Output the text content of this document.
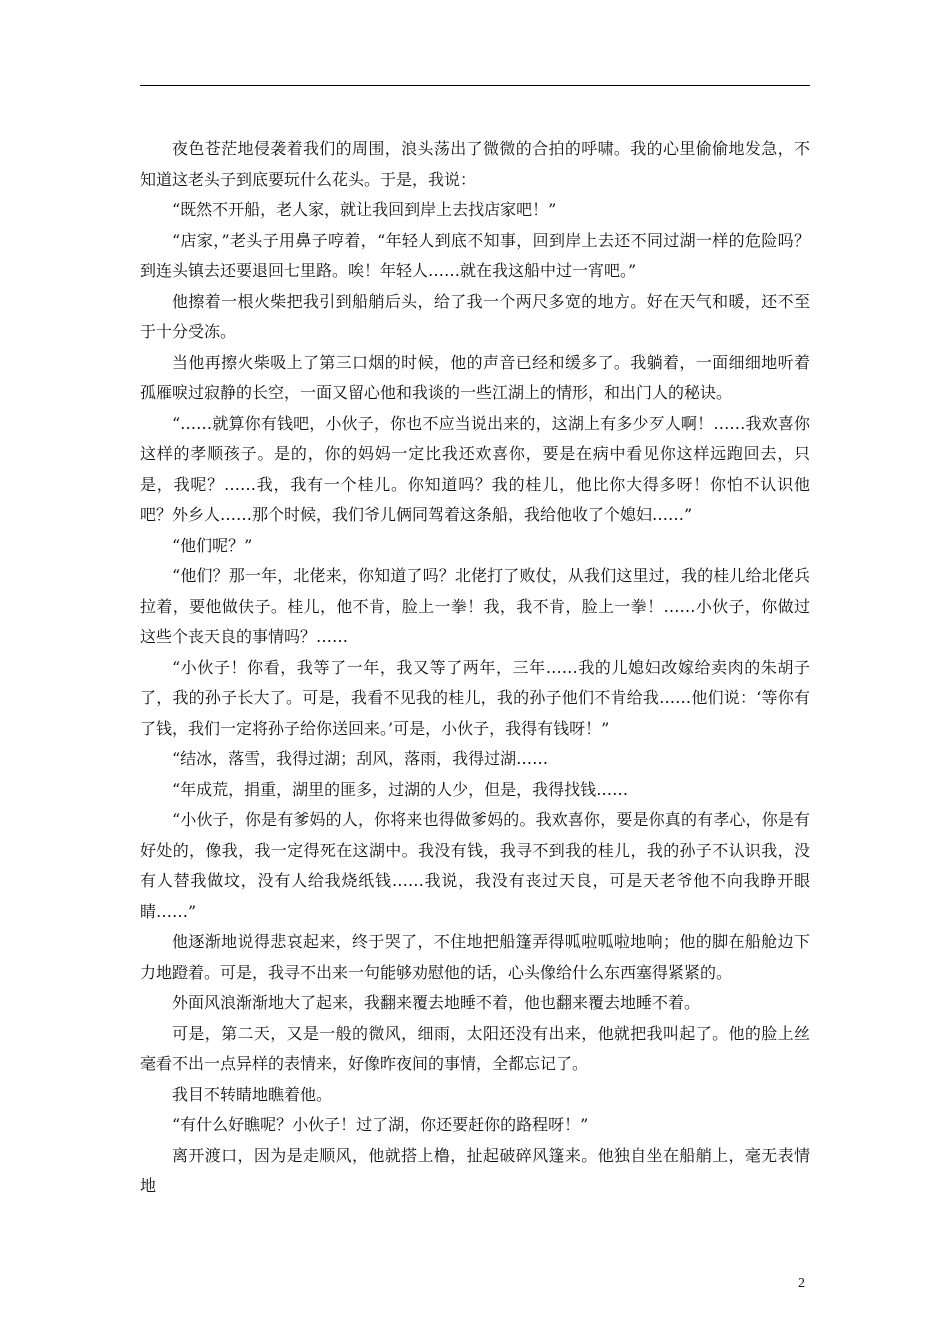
夜色苍茫地侵袭着我们的周围，浪头荡出了微微的合拍的呼啸。我的心里偷偷地发急，不知道这老头子到底要玩什么花头。于是，我说：

“既然不开船，老人家，就让我回到岸上去找店家吧！”

“店家，”老头子用鼻子哼着，“年轻人到底不知事，回到岸上去还不同过湖一样的危险吗？到连头镇去还要退回七里路。唉！年轻人……就在我这船中过一宵吧。”

他擦着一根火柴把我引到船艄后头，给了我一个两尺多宽的地方。好在天气和暖，还不至于十分受冻。

当他再擦火柴吸上了第三口烟的时候，他的声音已经和缓多了。我躺着，一面细细地听着孤雁唳过寂静的长空，一面又留心他和我谈的一些江湖上的情形，和出门人的秘诀。

“……就算你有钱吧，小伙子，你也不应当说出来的，这湖上有多少歹人啊！……我欢喜你这样的孝顺孩子。是的，你的妈妈一定比我还欢喜你，要是在病中看见你这样远跑回去，只是，我呢？……我，我有一个桂儿。你知道吗？我的桂儿，他比你大得多呀！你怕不认识他吧？外乡人……那个时候，我们爷儿俩同驾着这条船，我给他收了个媳妇……”

“他们呢？”

“他们？那一年，北佬来，你知道了吗？北佬打了败仗，从我们这里过，我的桂儿给北佬兵拉着，要他做伕子。桂儿，他不肯，脸上一拳！我，我不肯，脸上一拳！……小伙子，你做过这些个丧天良的事情吗？……

“小伙子！你看，我等了一年，我又等了两年，三年……我的儿媳妇改嫁给卖肉的朱胡子了，我的孙子长大了。可是，我看不见我的桂儿，我的孙子他们不肯给我……他们说：‘等你有了钱，我们一定将孙子给你送回来。’可是，小伙子，我得有钱呀！”

“结冰，落雪，我得过湖；刮风，落雨，我得过湖……

“年成荒，捐重，湖里的匪多，过湖的人少，但是，我得找钱……

“小伙子，你是有爹妈的人，你将来也得做爹妈的。我欢喜你，要是你真的有孝心，你是有好处的，像我，我一定得死在这湖中。我没有钱，我寻不到我的桂儿，我的孙子不认识我，没有人替我做坟，没有人给我烧纸钱……我说，我没有丧过天良，可是天老爷他不向我睁开眼睛……”

他逐渐地说得悲哀起来，终于哭了，不住地把船篷弄得呱啦呱啦地响；他的脚在船舱边下力地蹬着。可是，我寻不出来一句能够劝慰他的话，心头像给什么东西塞得紧紧的。

外面风浪渐渐地大了起来，我翻来覆去地睡不着，他也翻来覆去地睡不着。

可是，第二天，又是一般的微风，细雨，太阳还没有出来，他就把我叫起了。他的脸上丝毫看不出一点异样的表情来，好像昨夜间的事情，全都忘记了。

我目不转睛地瞧着他。

“有什么好瞧呢？小伙子！过了湖，你还要赶你的路程呀！”

离开渡口，因为是走顺风，他就搭上橹，扯起破碎风篷来。他独自坐在船艄上，毫无表情地

2
